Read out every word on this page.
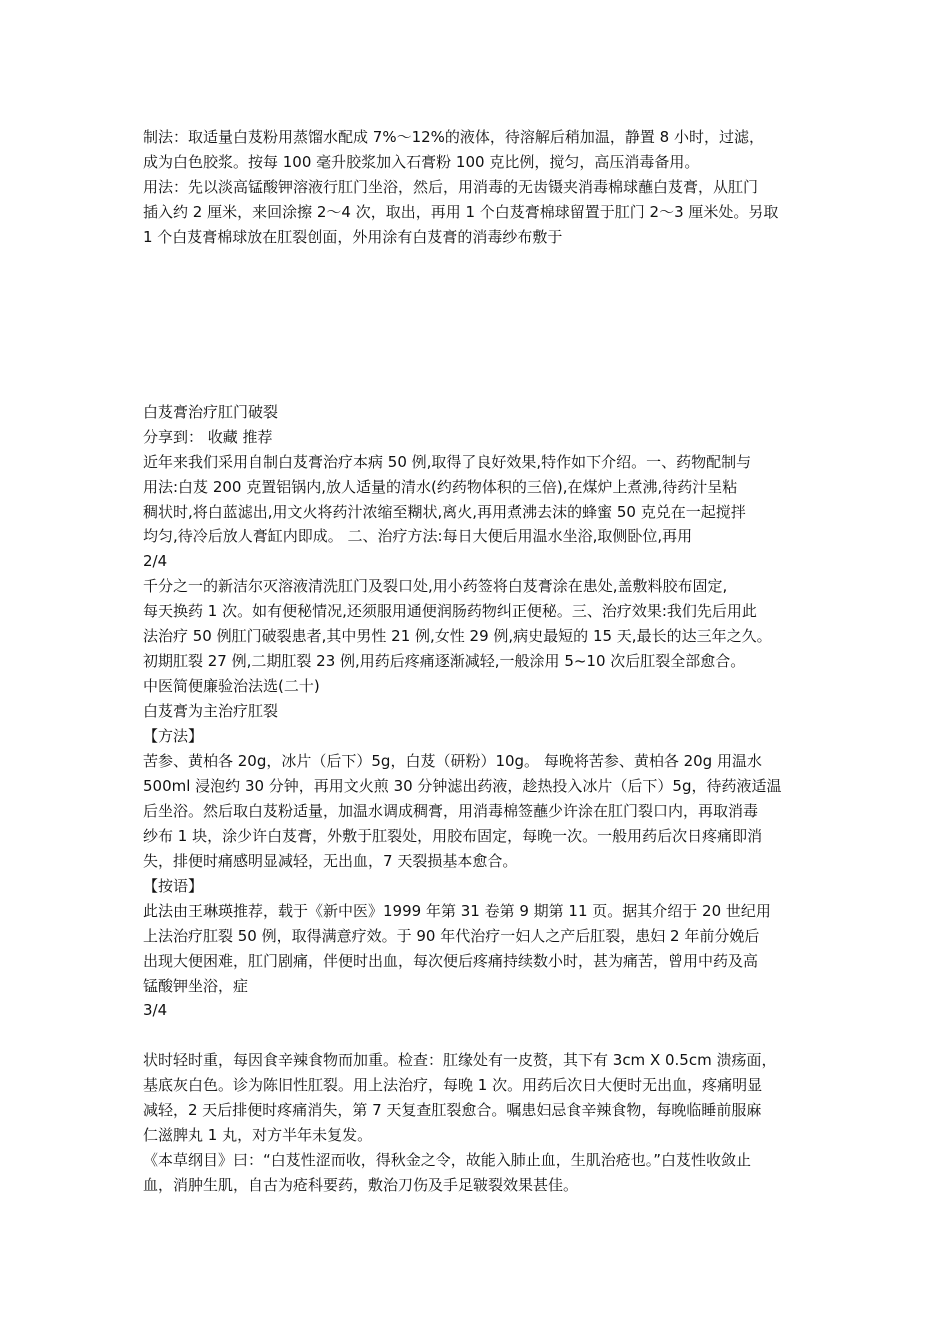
制法：取适量白芨粉用蒸馏水配成 7%～12%的液体，待溶解后稍加温，静置 8 小时，过滤，
成为白色胶浆。按每 100 毫升胶浆加入石膏粉 100 克比例，搅匀，高压消毒备用。
用法：先以淡高锰酸钾溶液行肛门坐浴，然后，用消毒的无齿镊夹消毒棉球蘸白芨膏，从肛门
插入约 2 厘米，来回涂擦 2～4 次，取出，再用 1 个白芨膏棉球留置于肛门 2～3 厘米处。另取
1 个白芨膏棉球放在肛裂创面，外用涂有白芨膏的消毒纱布敷于
白芨膏治疗肛门破裂
分享到： 收藏 推荐
近年来我们采用自制白芨膏治疗本病 50 例,取得了良好效果,特作如下介绍。一、药物配制与
用法:白芨 200 克置铝锅内,放人适量的清水(约药物体积的三倍),在煤炉上煮沸,待药汁呈粘
稠状时,将白蓝滤出,用文火将药汁浓缩至糊状,离火,再用煮沸去沫的蜂蜜 50 克兑在一起搅拌
均匀,待冷后放人膏缸内即成。 二、治疗方法:每日大便后用温水坐浴,取侧卧位,再用
2/4
千分之一的新洁尔灭溶液清洗肛门及裂口处,用小药签将白芨膏涂在患处,盖敷料胶布固定,
每天换药 1 次。如有便秘情况,还须服用通便润肠药物纠正便秘。三、治疗效果:我们先后用此
法治疗 50 例肛门破裂患者,其中男性 21 例,女性 29 例,病史最短的 15 天,最长的达三年之久。
初期肛裂 27 例,二期肛裂 23 例,用药后疼痛逐渐减轻,一般涂用 5~10 次后肛裂全部愈合。
中医简便廉验治法选(二十)
白芨膏为主治疗肛裂
【方法】
苦参、黄柏各 20g，冰片（后下）5g，白芨（研粉）10g。 每晚将苦参、黄柏各 20g 用温水
500ml 浸泡约 30 分钟，再用文火煎 30 分钟滤出药液，趁热投入冰片（后下）5g，待药液适温
后坐浴。然后取白芨粉适量，加温水调成稠膏，用消毒棉签蘸少许涂在肛门裂口内，再取消毒
纱布 1 块，涂少许白芨膏，外敷于肛裂处，用胶布固定，每晚一次。一般用药后次日疼痛即消
失，排便时痛感明显减轻，无出血，7 天裂损基本愈合。
【按语】
此法由王琳瑛推荐，载于《新中医》1999 年第 31 卷第 9 期第 11 页。据其介绍于 20 世纪用
上法治疗肛裂 50 例，取得满意疗效。于 90 年代治疗一妇人之产后肛裂，患妇 2 年前分娩后
出现大便困难，肛门剧痛，伴便时出血，每次便后疼痛持续数小时，甚为痛苦，曾用中药及高
锰酸钾坐浴，症
3/4
状时轻时重，每因食辛辣食物而加重。检查：肛缘处有一皮赘，其下有 3cm X 0.5cm 溃疡面，
基底灰白色。诊为陈旧性肛裂。用上法治疗，每晚 1 次。用药后次日大便时无出血，疼痛明显
减轻，2 天后排便时疼痛消失，第 7 天复查肛裂愈合。嘱患妇忌食辛辣食物，每晚临睡前服麻
仁滋脾丸 1 丸，对方半年未复发。
《本草纲目》曰：“白芨性涩而收，得秋金之令，故能入肺止血，生肌治疮也。”白芨性收敛止
血，消肿生肌，自古为疮科要药，敷治刀伤及手足皲裂效果甚佳。
